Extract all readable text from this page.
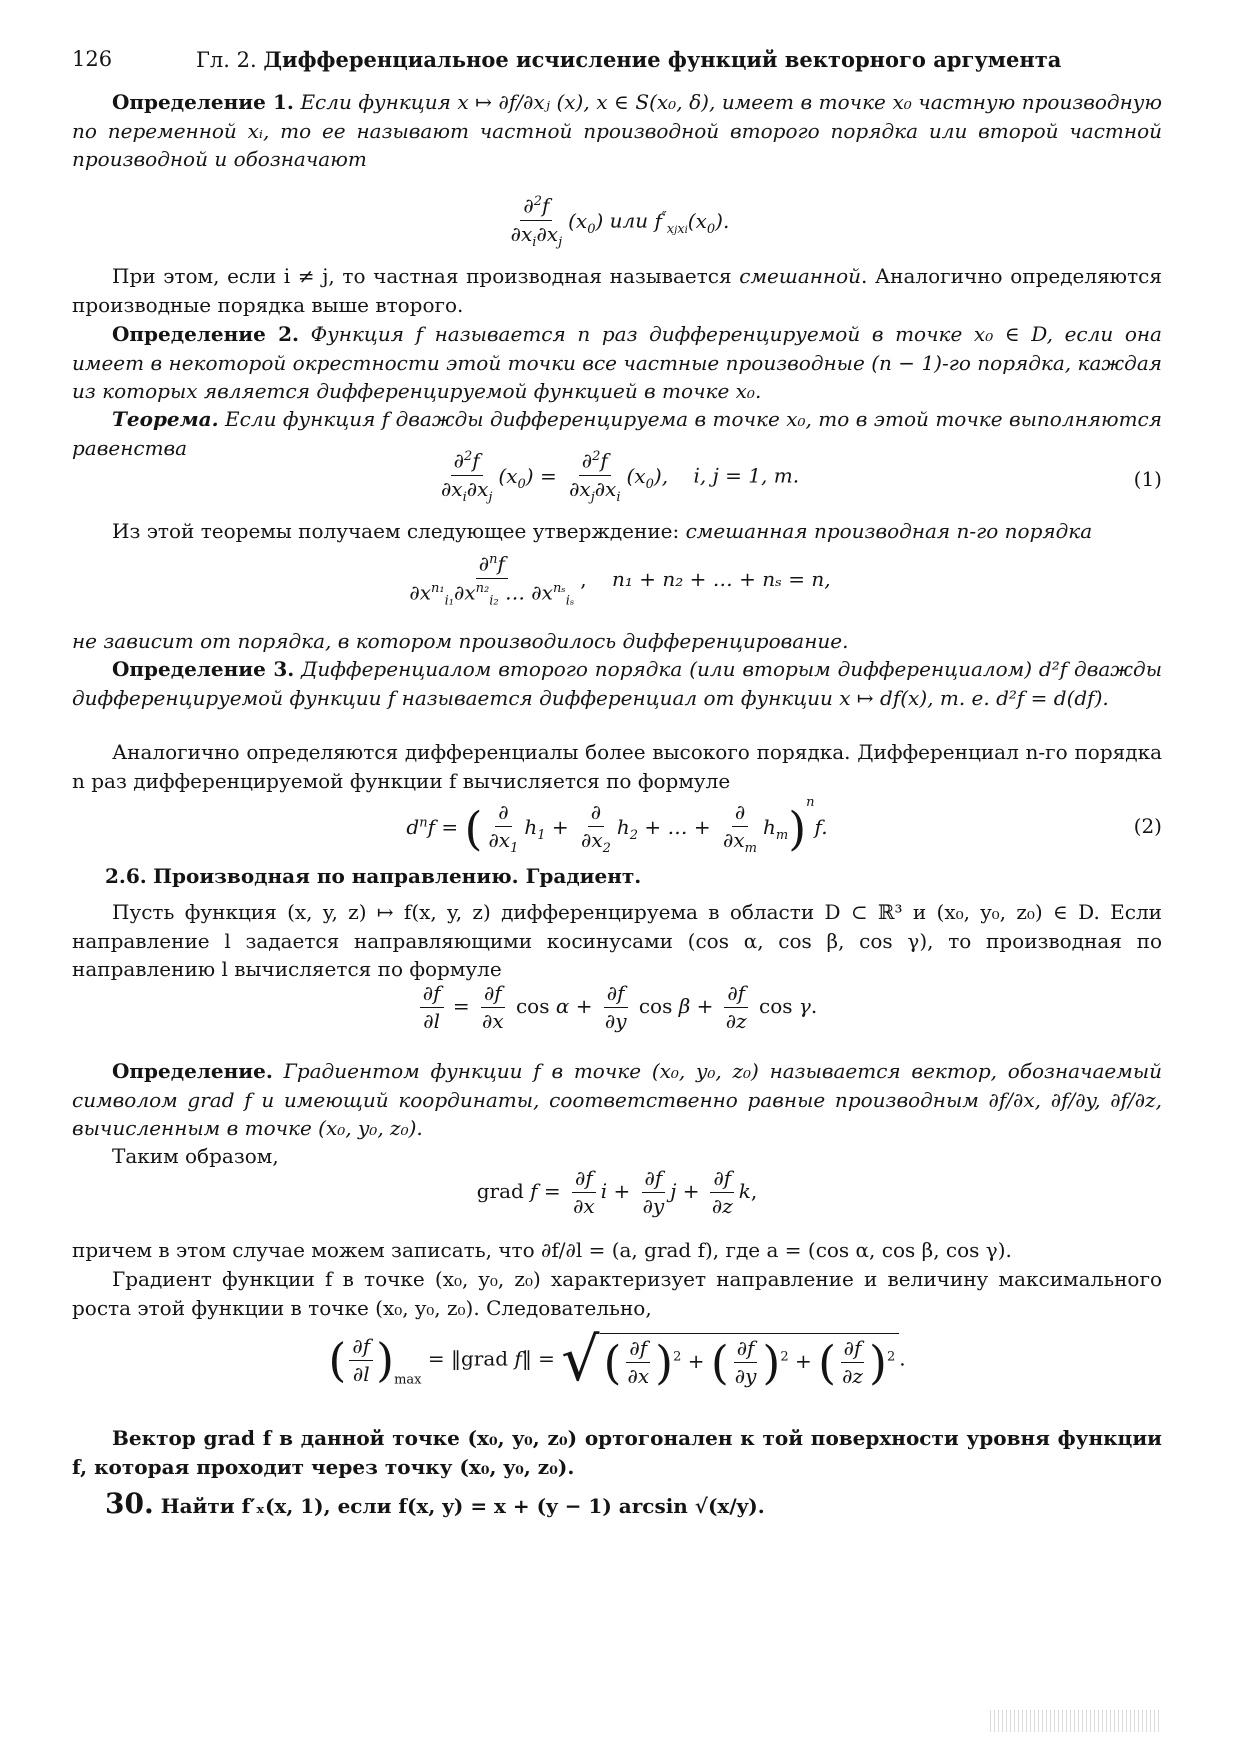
126	Гл. 2. Дифференциальное исчисление функций векторного аргумента
Определение 1. Если функция x ↦ ∂f/∂xⱼ (x), x ∈ S(x₀, δ), имеет в точке x₀ частную производную по переменной xᵢ, то ее называют частной производной второго порядка или второй частной производной и обозначают
$\frac{\partial^2f}{\partial x_i\partial x_j} (x_0)$ или $f''_{xjxi}(x_0)$.
При этом, если i ≠ j, то частная производная называется смешанной. Аналогично определяются производные порядка выше второго.
Определение 2. Функция f называется n раз дифференцируемой в точке x₀ ∈ D, если она имеет в некоторой окрестности этой точки все частные производные (n − 1)-го порядка, каждая из которых является дифференцируемой функцией в точке x₀.
Теорема. Если функция f дважды дифференцируема в точке x₀, то в этой точке выполняются равенства
$\frac{\partial^2f}{\partial x_i\partial x_j} (x_0) = \frac{\partial^2f}{\partial x_j\partial x_i} (x_0)$, i, j = 1, m.	(1)
Из этой теоремы получаем следующее утверждение: смешанная производная n-го порядка
∂$^n$f
$\partial x^{n_1}_{i_1}\partial x^{n_2}_{i_2}$ … $\partial x^{n_s}_{i_s}$
,    n₁ + n₂ + … + nₛ = n,
не зависит от порядка, в котором производилось дифференцирование.
Определение 3. Дифференциалом второго порядка (или вторым дифференциалом) d²f дважды дифференцируемой функции f называется дифференциал от функции x ↦ df(x), т. е. d²f = d(df).
Аналогично определяются дифференциалы более высокого порядка. Дифференциал n-го порядка n раз дифференцируемой функции f вычисляется по формуле
$d^nf$ = ( ∂
$\partial x_1$
$h_1$ +
∂
$\partial x_2$
$h_2$ + … +
∂
$\partial x_m$
$h_m)^nf$.	(2)
2.6. Производная по направлению. Градиент.
Пусть функция (x, y, z) ↦ f(x, y, z) дифференцируема в области D ⊂ ℝ³ и (x₀, y₀, z₀) ∈ D. Если направление l задается направляющими косинусами (cos α, cos β, cos γ), то производная по направлению l вычисляется по формуле
$\frac{\partial f}{\partial l} = \frac{\partial f}{\partial x}$ $\cos \alpha + \frac{\partial f}{\partial y}$ $\cos \beta + \frac{\partial f}{\partial z}$ cos γ.
Определение. Градиентом функции f в точке (x₀, y₀, z₀) называется вектор, обозначаемый символом grad f и имеющий координаты, соответственно равные производным ∂f/∂x, ∂f/∂y, ∂f/∂z, вычисленным в точке (x₀, y₀, z₀).
Таким образом,
grad $f = \frac{\partial f}{\partial x}$ $i + \frac{\partial f}{\partial y}$ $j + \frac{\partial f}{\partial z} k$,
причем в этом случае можем записать, что ∂f/∂l = (a, grad f), где a = (cos α, cos β, cos γ).
Градиент функции f в точке (x₀, y₀, z₀) характеризует направление и величину максимального роста этой функции в точке (x₀, y₀, z₀). Следовательно,
( $\frac{\partial f}{\partial l} )_{max}$ = ‖grad f‖ = √( $\frac{\partial f}{\partial x} )^2$ + ( $\frac{\partial f}{\partial y} )^2$ + ( $\frac{\partial f}{\partial z} )^2$ .
Вектор grad f в данной точке (x₀, y₀, z₀) ортогонален к той поверхности уровня функции f, которая проходит через точку (x₀, y₀, z₀).
30. Найти f′ₓ(x, 1), если f(x, y) = x + (y − 1) arcsin √(x/y).
